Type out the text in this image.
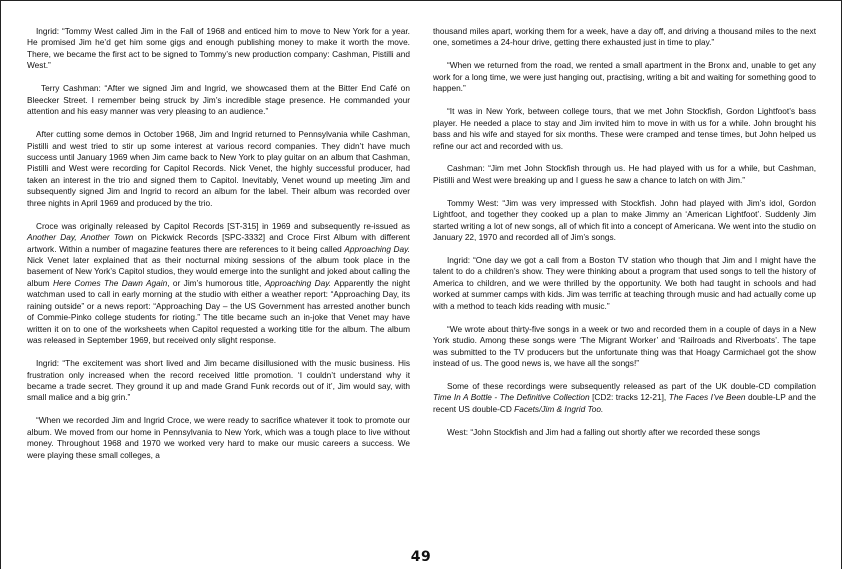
Ingrid: “Tommy West called Jim in the Fall of 1968 and enticed him to move to New York for a year. He promised Jim he’d get him some gigs and enough publishing money to make it worth the move. There, we became the first act to be signed to Tommy’s new production company: Cashman, Pistilli and West.”

Terry Cashman: “After we signed Jim and Ingrid, we showcased them at the Bitter End Café on Bleecker Street. I remember being struck by Jim’s incredible stage presence. He commanded your attention and his easy manner was very pleasing to an audience.”

After cutting some demos in October 1968, Jim and Ingrid returned to Pennsylvania while Cashman, Pistilli and west tried to stir up some interest at various record companies. They didn’t have much success until January 1969 when Jim came back to New York to play guitar on an album that Cashman, Pistilli and West were recording for Capitol Records. Nick Venet, the highly successful producer, had taken an interest in the trio and signed them to Capitol. Inevitably, Venet wound up meeting Jim and subsequently signed Jim and Ingrid to record an album for the label. Their album was recorded over three nights in April 1969 and produced by the trio.

Croce was originally released by Capitol Records [ST-315] in 1969 and subsequently re-issued as Another Day, Another Town on Pickwick Records [SPC-3332] and Croce First Album with different artwork. Within a number of magazine features there are references to it being called Approaching Day. Nick Venet later explained that as their nocturnal mixing sessions of the album took place in the basement of New York’s Capitol studios, they would emerge into the sunlight and joked about calling the album Here Comes The Dawn Again, or Jim’s humorous title, Approaching Day. Apparently the night watchman used to call in early morning at the studio with either a weather report: “Approaching Day, its raining outside” or a news report: “Approaching Day – the US Government has arrested another bunch of Commie-Pinko college students for rioting.” The title became such an in-joke that Venet may have written it on to one of the worksheets when Capitol requested a working title for the album. The album was released in September 1969, but received only slight response.

Ingrid: “The excitement was short lived and Jim became disillusioned with the music business. His frustration only increased when the record received little promotion. ‘I couldn’t understand why it became a trade secret. They ground it up and made Grand Funk records out of it’, Jim would say, with small malice and a big grin.”

“When we recorded Jim and Ingrid Croce, we were ready to sacrifice whatever it took to promote our album. We moved from our home in Pennsylvania to New York, which was a tough place to live without money. Throughout 1968 and 1970 we worked very hard to make our music careers a success. We were playing these small colleges, a

thousand miles apart, working them for a week, have a day off, and driving a thousand miles to the next one, sometimes a 24-hour drive, getting there exhausted just in time to play.”

“When we returned from the road, we rented a small apartment in the Bronx and, unable to get any work for a long time, we were just hanging out, practising, writing a bit and waiting for something good to happen.”

“It was in New York, between college tours, that we met John Stockfish, Gordon Lightfoot’s bass player. He needed a place to stay and Jim invited him to move in with us for a while. John brought his bass and his wife and stayed for six months. These were cramped and tense times, but John helped us refine our act and recorded with us.

Cashman: “Jim met John Stockfish through us. He had played with us for a while, but Cashman, Pistilli and West were breaking up and I guess he saw a chance to latch on with Jim.”

Tommy West: “Jim was very impressed with Stockfish. John had played with Jim’s idol, Gordon Lightfoot, and together they cooked up a plan to make Jimmy an ‘American Lightfoot’. Suddenly Jim started writing a lot of new songs, all of which fit into a concept of Americana. We went into the studio on January 22, 1970 and recorded all of Jim’s songs.

Ingrid: “One day we got a call from a Boston TV station who though that Jim and I might have the talent to do a children’s show. They were thinking about a program that used songs to tell the history of America to children, and we were thrilled by the opportunity. We both had taught in schools and had worked at summer camps with kids. Jim was terrific at teaching through music and had actually come up with a method to teach kids reading with music.”

“We wrote about thirty-five songs in a week or two and recorded them in a couple of days in a New York studio. Among these songs were ‘The Migrant Worker’ and ‘Railroads and Riverboats’. The tape was submitted to the TV producers but the unfortunate thing was that Hoagy Carmichael got the show instead of us. The good news is, we have all the songs!”

Some of these recordings were subsequently released as part of the UK double-CD compilation Time In A Bottle - The Definitive Collection [CD2: tracks 12-21], The Faces I’ve Been double-LP and the recent US double-CD Facets/Jim & Ingrid Too.

West: “John Stockfish and Jim had a falling out shortly after we recorded these songs

49
